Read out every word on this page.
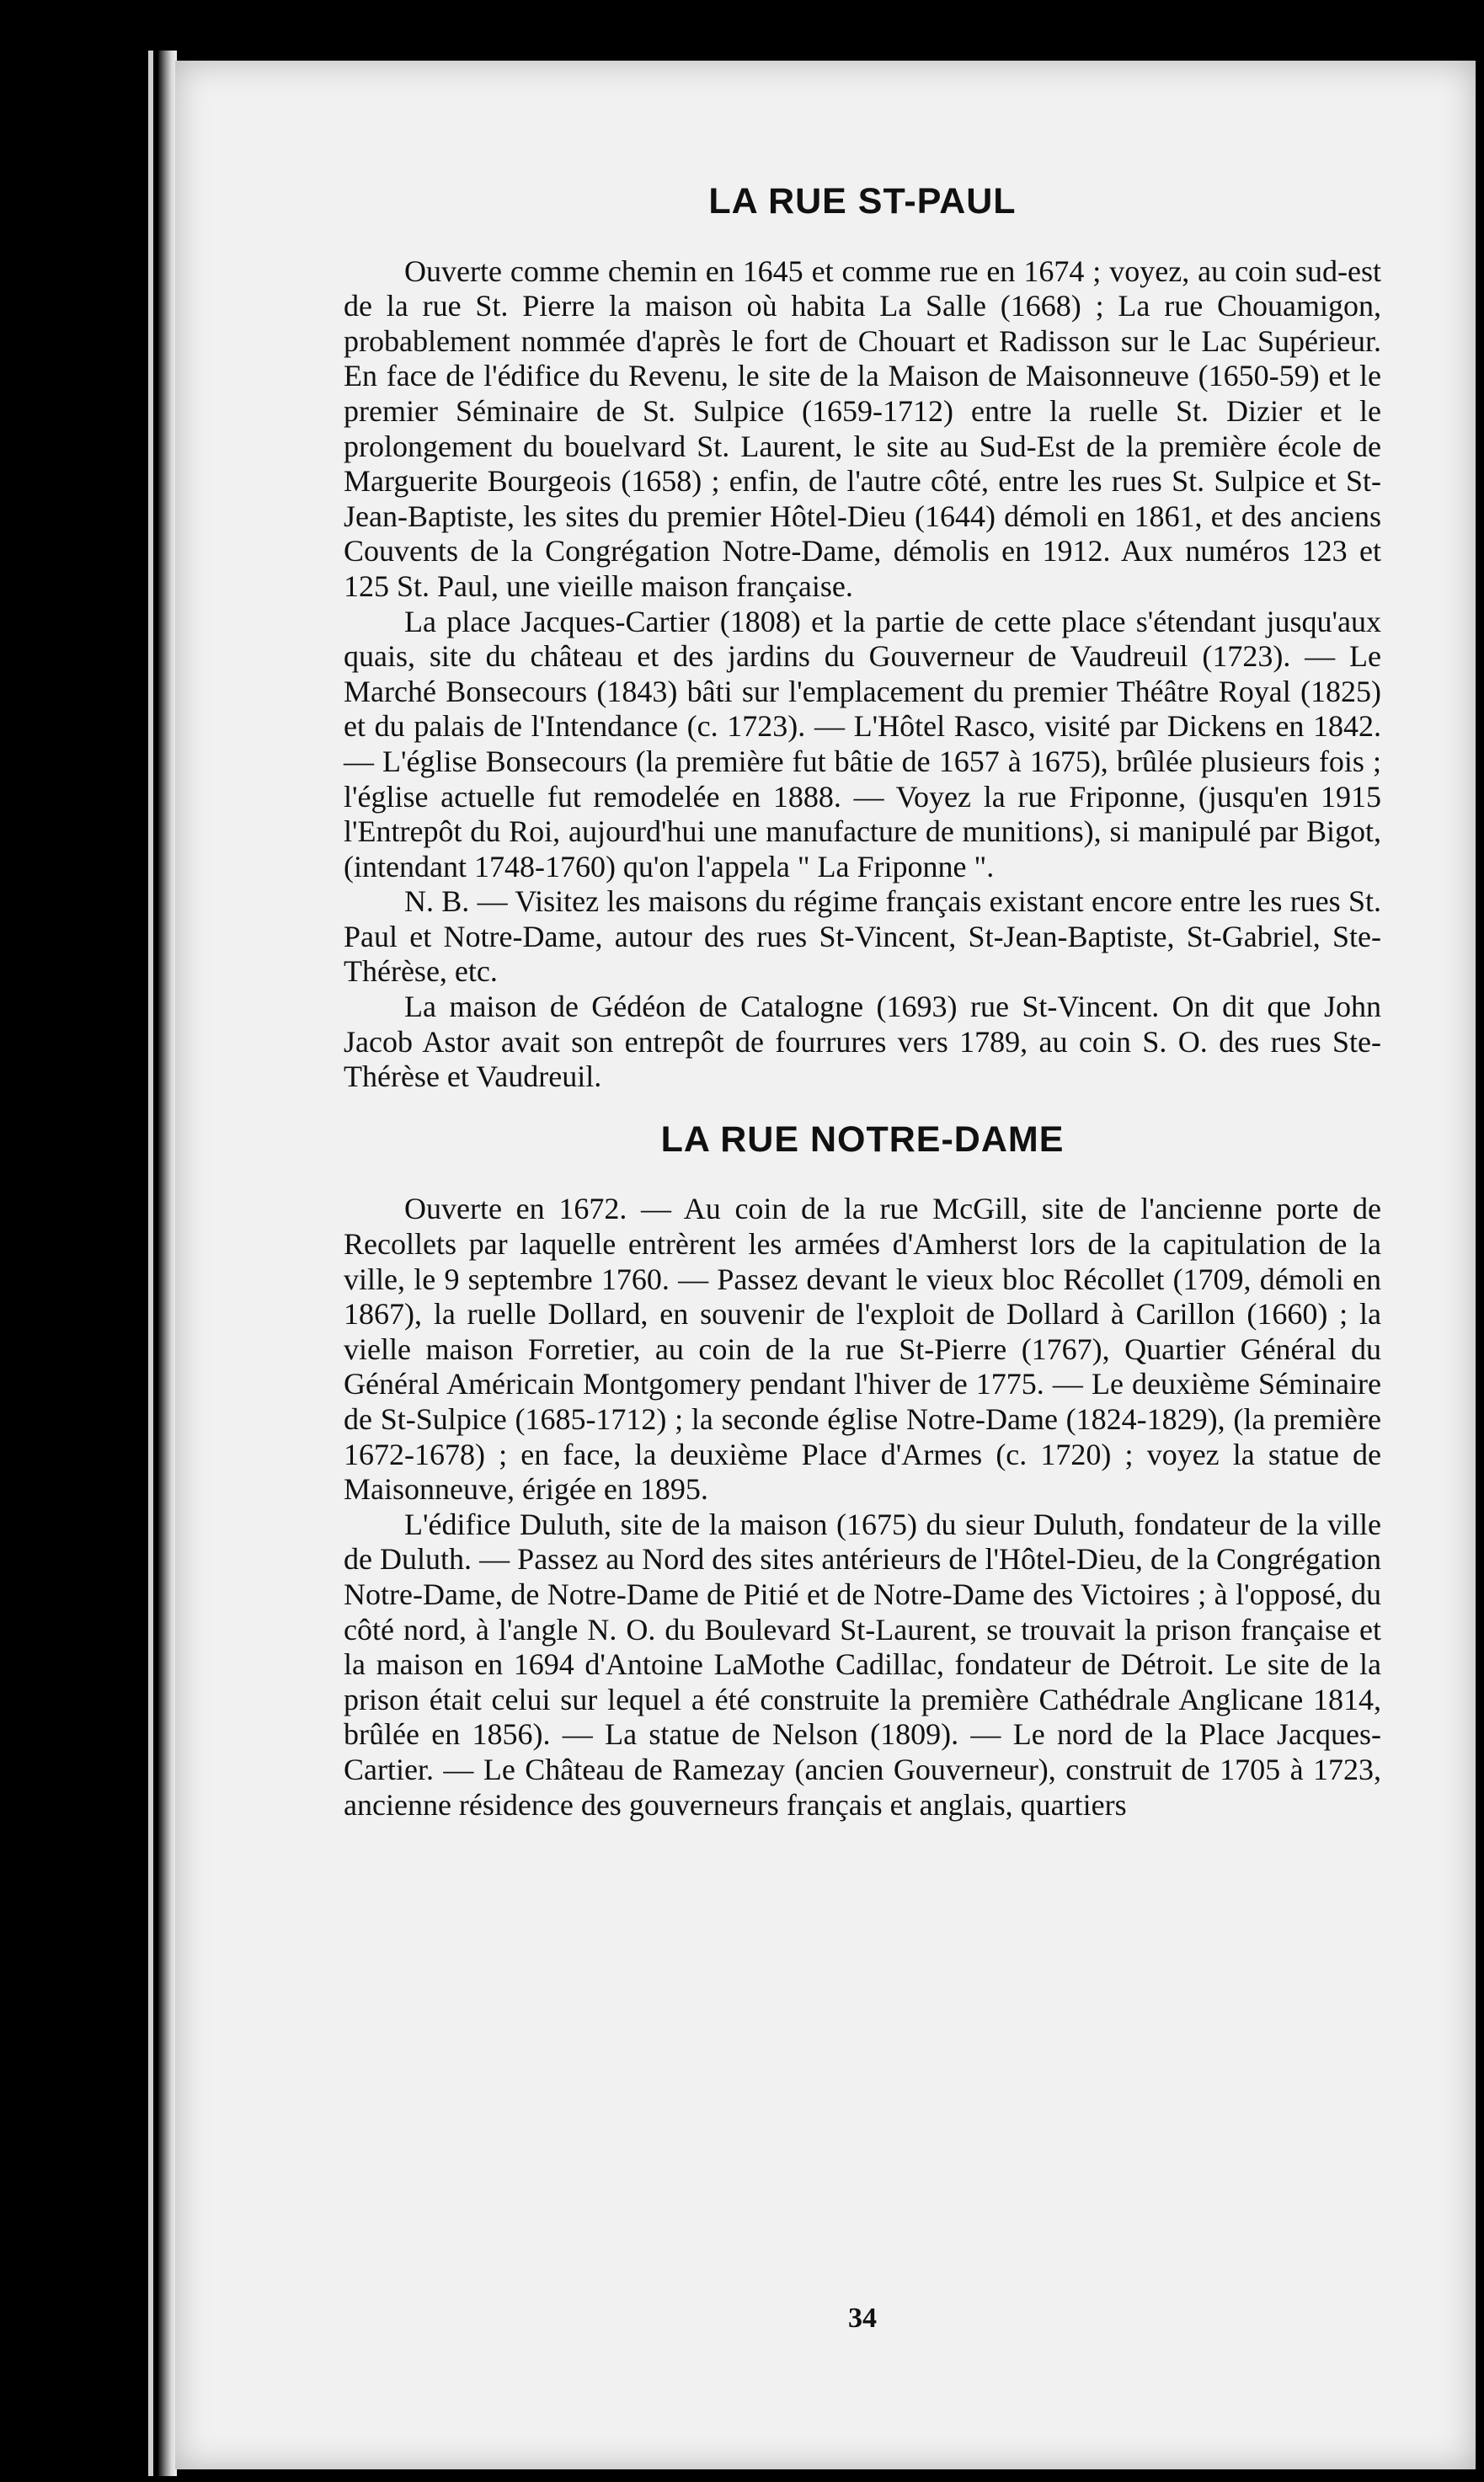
LA RUE ST-PAUL

Ouverte comme chemin en 1645 et comme rue en 1674 ; voyez, au coin sud-est de la rue St. Pierre la maison où habita La Salle (1668) ; La rue Chouamigon, probablement nommée d'après le fort de Chouart et Radisson sur le Lac Supérieur. En face de l'édifice du Revenu, le site de la Maison de Maisonneuve (1650-59) et le premier Séminaire de St. Sulpice (1659-1712) entre la ruelle St. Dizier et le prolongement du bouelvard St. Laurent, le site au Sud-Est de la première école de Marguerite Bourgeois (1658) ; enfin, de l'autre côté, entre les rues St. Sulpice et St-Jean-Baptiste, les sites du premier Hôtel-Dieu (1644) démoli en 1861, et des anciens Couvents de la Congrégation Notre-Dame, démolis en 1912. Aux numéros 123 et 125 St. Paul, une vieille maison française.

La place Jacques-Cartier (1808) et la partie de cette place s'étendant jusqu'aux quais, site du château et des jardins du Gouverneur de Vaudreuil (1723). — Le Marché Bonsecours (1843) bâti sur l'emplacement du premier Théâtre Royal (1825) et du palais de l'Intendance (c. 1723). — L'Hôtel Rasco, visité par Dickens en 1842. — L'église Bonsecours (la première fut bâtie de 1657 à 1675), brûlée plusieurs fois ; l'église actuelle fut remodelée en 1888. — Voyez la rue Friponne, (jusqu'en 1915 l'Entrepôt du Roi, aujourd'hui une manufacture de munitions), si manipulé par Bigot, (intendant 1748-1760) qu'on l'appela " La Friponne ".

N. B. — Visitez les maisons du régime français existant encore entre les rues St. Paul et Notre-Dame, autour des rues St-Vincent, St-Jean-Baptiste, St-Gabriel, Ste-Thérèse, etc.

La maison de Gédéon de Catalogne (1693) rue St-Vincent. On dit que John Jacob Astor avait son entrepôt de fourrures vers 1789, au coin S. O. des rues Ste-Thérèse et Vaudreuil.

LA RUE NOTRE-DAME

Ouverte en 1672. — Au coin de la rue McGill, site de l'ancienne porte de Recollets par laquelle entrèrent les armées d'Amherst lors de la capitulation de la ville, le 9 septembre 1760. — Passez devant le vieux bloc Récollet (1709, démoli en 1867), la ruelle Dollard, en souvenir de l'exploit de Dollard à Carillon (1660) ; la vielle maison Forretier, au coin de la rue St-Pierre (1767), Quartier Général du Général Américain Montgomery pendant l'hiver de 1775. — Le deuxième Séminaire de St-Sulpice (1685-1712) ; la seconde église Notre-Dame (1824-1829), (la première 1672-1678) ; en face, la deuxième Place d'Armes (c. 1720) ; voyez la statue de Maisonneuve, érigée en 1895.

L'édifice Duluth, site de la maison (1675) du sieur Duluth, fondateur de la ville de Duluth. — Passez au Nord des sites antérieurs de l'Hôtel-Dieu, de la Congrégation Notre-Dame, de Notre-Dame de Pitié et de Notre-Dame des Victoires ; à l'opposé, du côté nord, à l'angle N. O. du Boulevard St-Laurent, se trouvait la prison française et la maison en 1694 d'Antoine LaMothe Cadillac, fondateur de Détroit. Le site de la prison était celui sur lequel a été construite la première Cathédrale Anglicane 1814, brûlée en 1856). — La statue de Nelson (1809). — Le nord de la Place Jacques-Cartier. — Le Château de Ramezay (ancien Gouverneur), construit de 1705 à 1723, ancienne résidence des gouverneurs français et anglais, quartiers

34
